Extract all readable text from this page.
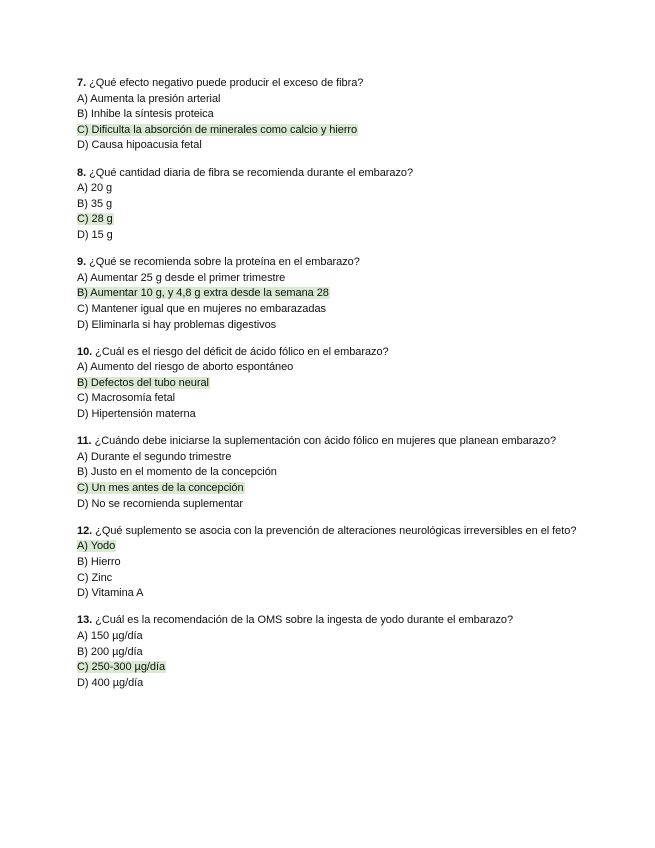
7. ¿Qué efecto negativo puede producir el exceso de fibra?
A) Aumenta la presión arterial
B) Inhibe la síntesis proteica
C) Dificulta la absorción de minerales como calcio y hierro
D) Causa hipoacusia fetal
8. ¿Qué cantidad diaria de fibra se recomienda durante el embarazo?
A) 20 g
B) 35 g
C) 28 g
D) 15 g
9. ¿Qué se recomienda sobre la proteína en el embarazo?
A) Aumentar 25 g desde el primer trimestre
B) Aumentar 10 g, y 4,8 g extra desde la semana 28
C) Mantener igual que en mujeres no embarazadas
D) Eliminarla si hay problemas digestivos
10. ¿Cuál es el riesgo del déficit de ácido fólico en el embarazo?
A) Aumento del riesgo de aborto espontáneo
B) Defectos del tubo neural
C) Macrosomía fetal
D) Hipertensión materna
11. ¿Cuándo debe iniciarse la suplementación con ácido fólico en mujeres que planean embarazo?
A) Durante el segundo trimestre
B) Justo en el momento de la concepción
C) Un mes antes de la concepción
D) No se recomienda suplementar
12. ¿Qué suplemento se asocia con la prevención de alteraciones neurológicas irreversibles en el feto?
A) Yodo
B) Hierro
C) Zinc
D) Vitamina A
13. ¿Cuál es la recomendación de la OMS sobre la ingesta de yodo durante el embarazo?
A) 150 µg/día
B) 200 µg/día
C) 250-300 µg/día
D) 400 µg/día
